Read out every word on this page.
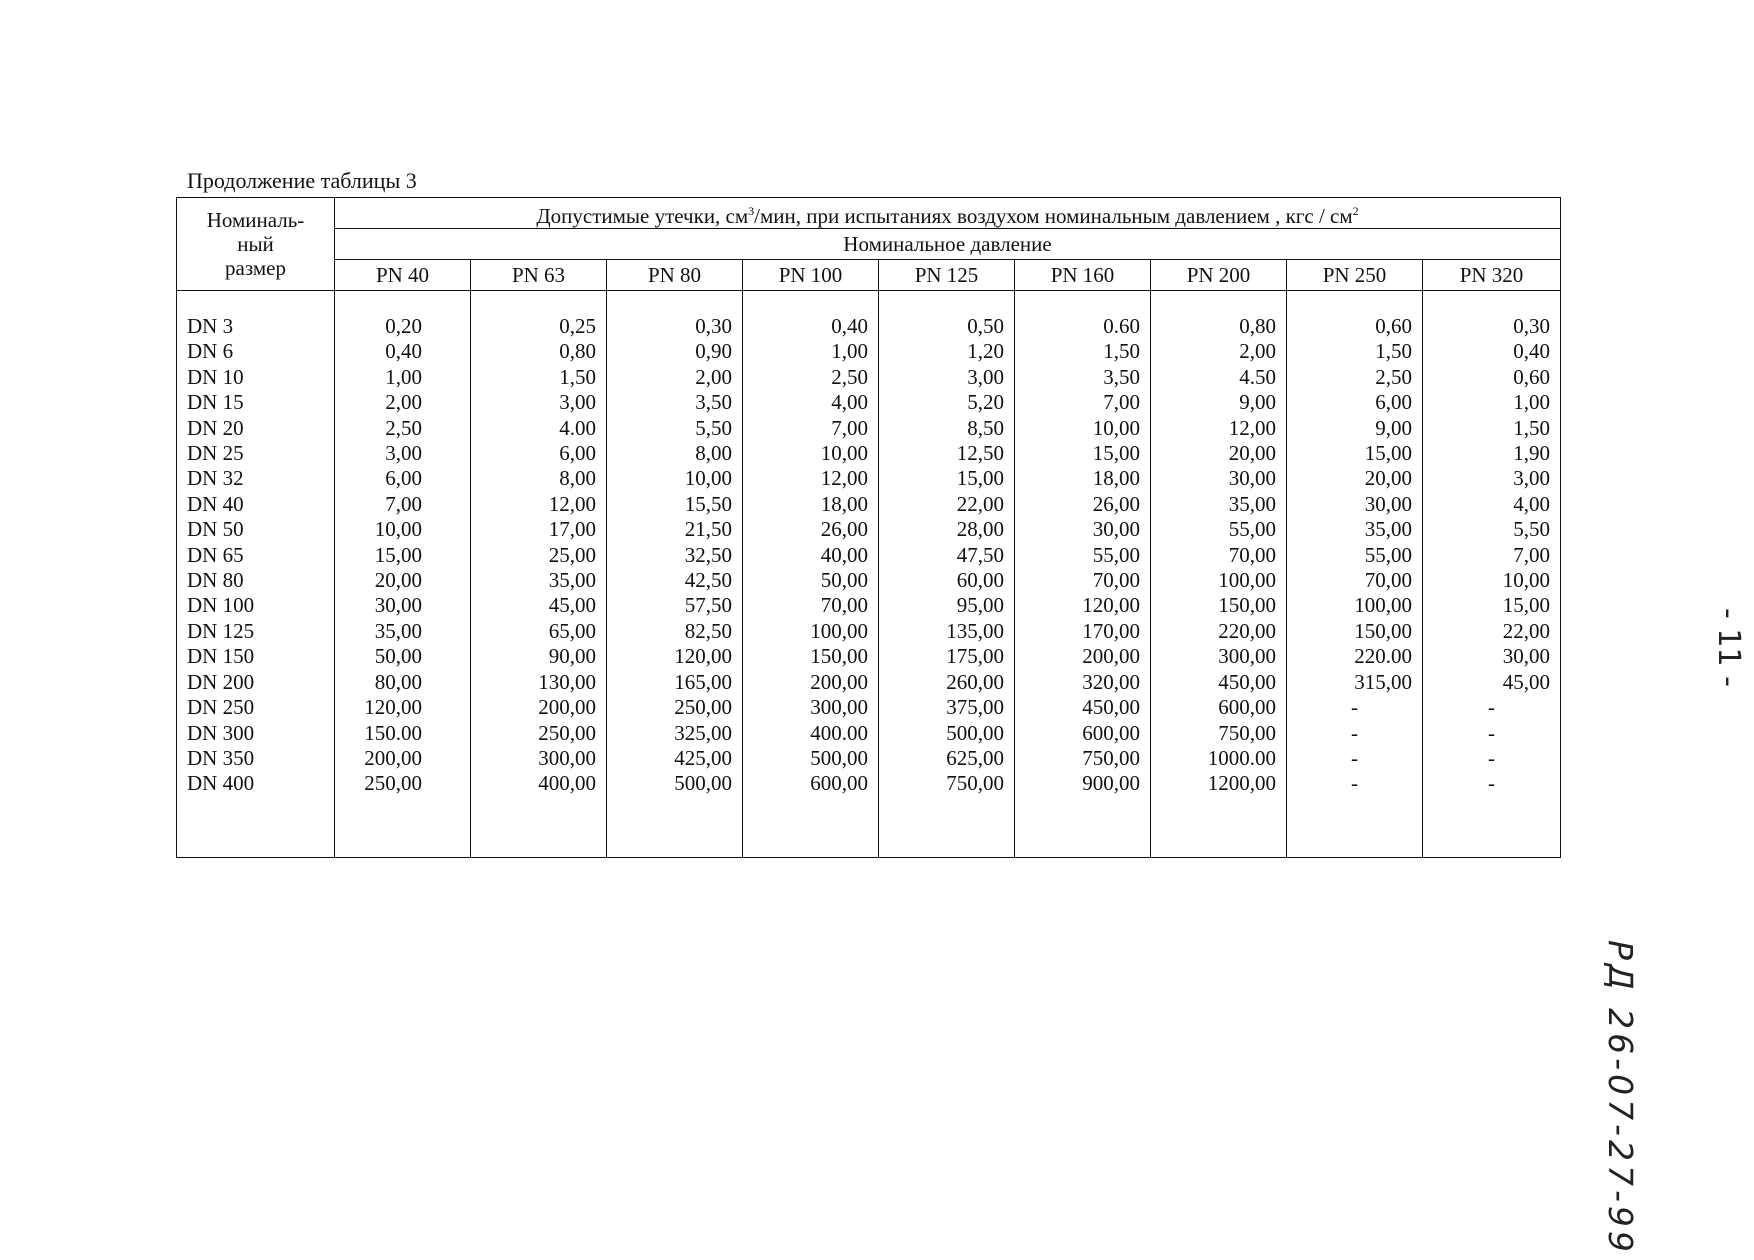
Продолжение таблицы 3
Номиналь-
ный
размер	Допустимые утечки, $см^3$/мин, при испытаниях воздухом номинальным давлением , кгс / $см^2$
	Номинальное давление								
	PN 40	PN 63	PN 80	PN 100	PN 125	PN 160	PN 200	PN 250	PN 320

DN 3	0,20	0,25	0,30	0,40	0,50	0.60	0,80	0,60	0,30
DN 6	0,40	0,80	0,90	1,00	1,20	1,50	2,00	1,50	0,40
DN 10	1,00	1,50	2,00	2,50	3,00	3,50	4.50	2,50	0,60
DN 15	2,00	3,00	3,50	4,00	5,20	7,00	9,00	6,00	1,00
DN 20	2,50	4.00	5,50	7,00	8,50	10,00	12,00	9,00	1,50
DN 25	3,00	6,00	8,00	10,00	12,50	15,00	20,00	15,00	1,90
DN 32	6,00	8,00	10,00	12,00	15,00	18,00	30,00	20,00	3,00
DN 40	7,00	12,00	15,50	18,00	22,00	26,00	35,00	30,00	4,00
DN 50	10,00	17,00	21,50	26,00	28,00	30,00	55,00	35,00	5,50
DN 65	15,00	25,00	32,50	40,00	47,50	55,00	70,00	55,00	7,00
DN 80	20,00	35,00	42,50	50,00	60,00	70,00	100,00	70,00	10,00
DN 100	30,00	45,00	57,50	70,00	95,00	120,00	150,00	100,00	15,00
DN 125	35,00	65,00	82,50	100,00	135,00	170,00	220,00	150,00	22,00
DN 150	50,00	90,00	120,00	150,00	175,00	200,00	300,00	220.00	30,00
DN 200	80,00	130,00	165,00	200,00	260,00	320,00	450,00	315,00	45,00
DN 250	120,00	200,00	250,00	300,00	375,00	450,00	600,00	-	-
DN 300	150.00	250,00	325,00	400.00	500,00	600,00	750,00	-	-
DN 350	200,00	300,00	425,00	500,00	625,00	750,00	1000.00	-	-
DN 400	250,00	400,00	500,00	600,00	750,00	900,00	1200,00	-	-

- 11 -
РД 26-07-27-99
